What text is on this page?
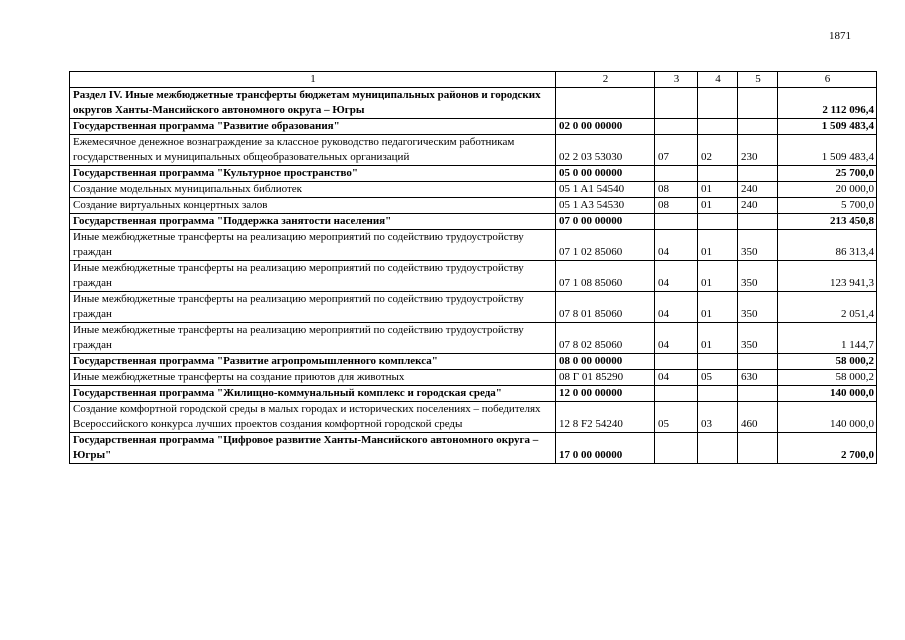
1871
1	2	3	4	5	6
Раздел IV. Иные межбюджетные трансферты бюджетам муниципальных районов и городских округов Ханты-Мансийского автономного округа – Югры					2 112 096,4
Государственная программа "Развитие образования"	02 0 00 00000				1 509 483,4
Ежемесячное денежное вознаграждение за классное руководство педагогическим работникам государственных и муниципальных общеобразовательных организаций	02 2 03 53030	07	02	230	1 509 483,4
Государственная программа "Культурное пространство"	05 0 00 00000				25 700,0
Создание модельных муниципальных библиотек	05 1 A1 54540	08	01	240	20 000,0
Создание виртуальных концертных залов	05 1 A3 54530	08	01	240	5 700,0
Государственная программа "Поддержка занятости населения"	07 0 00 00000				213 450,8
Иные межбюджетные трансферты на реализацию мероприятий по содействию трудоустройству граждан	07 1 02 85060	04	01	350	86 313,4
Иные межбюджетные трансферты на реализацию мероприятий по содействию трудоустройству граждан	07 1 08 85060	04	01	350	123 941,3
Иные межбюджетные трансферты на реализацию мероприятий по содействию трудоустройству граждан	07 8 01 85060	04	01	350	2 051,4
Иные межбюджетные трансферты на реализацию мероприятий по содействию трудоустройству граждан	07 8 02 85060	04	01	350	1 144,7
Государственная программа "Развитие агропромышленного комплекса"	08 0 00 00000				58 000,2
Иные межбюджетные трансферты на создание приютов для животных	08 Г 01 85290	04	05	630	58 000,2
Государственная программа "Жилищно-коммунальный комплекс и городская среда"	12 0 00 00000				140 000,0
Создание комфортной городской среды в малых городах и исторических поселениях – победителях Всероссийского конкурса лучших проектов создания комфортной городской среды	12 8 F2 54240	05	03	460	140 000,0
Государственная программа "Цифровое развитие Ханты-Мансийского автономного округа – Югры"	17 0 00 00000				2 700,0
